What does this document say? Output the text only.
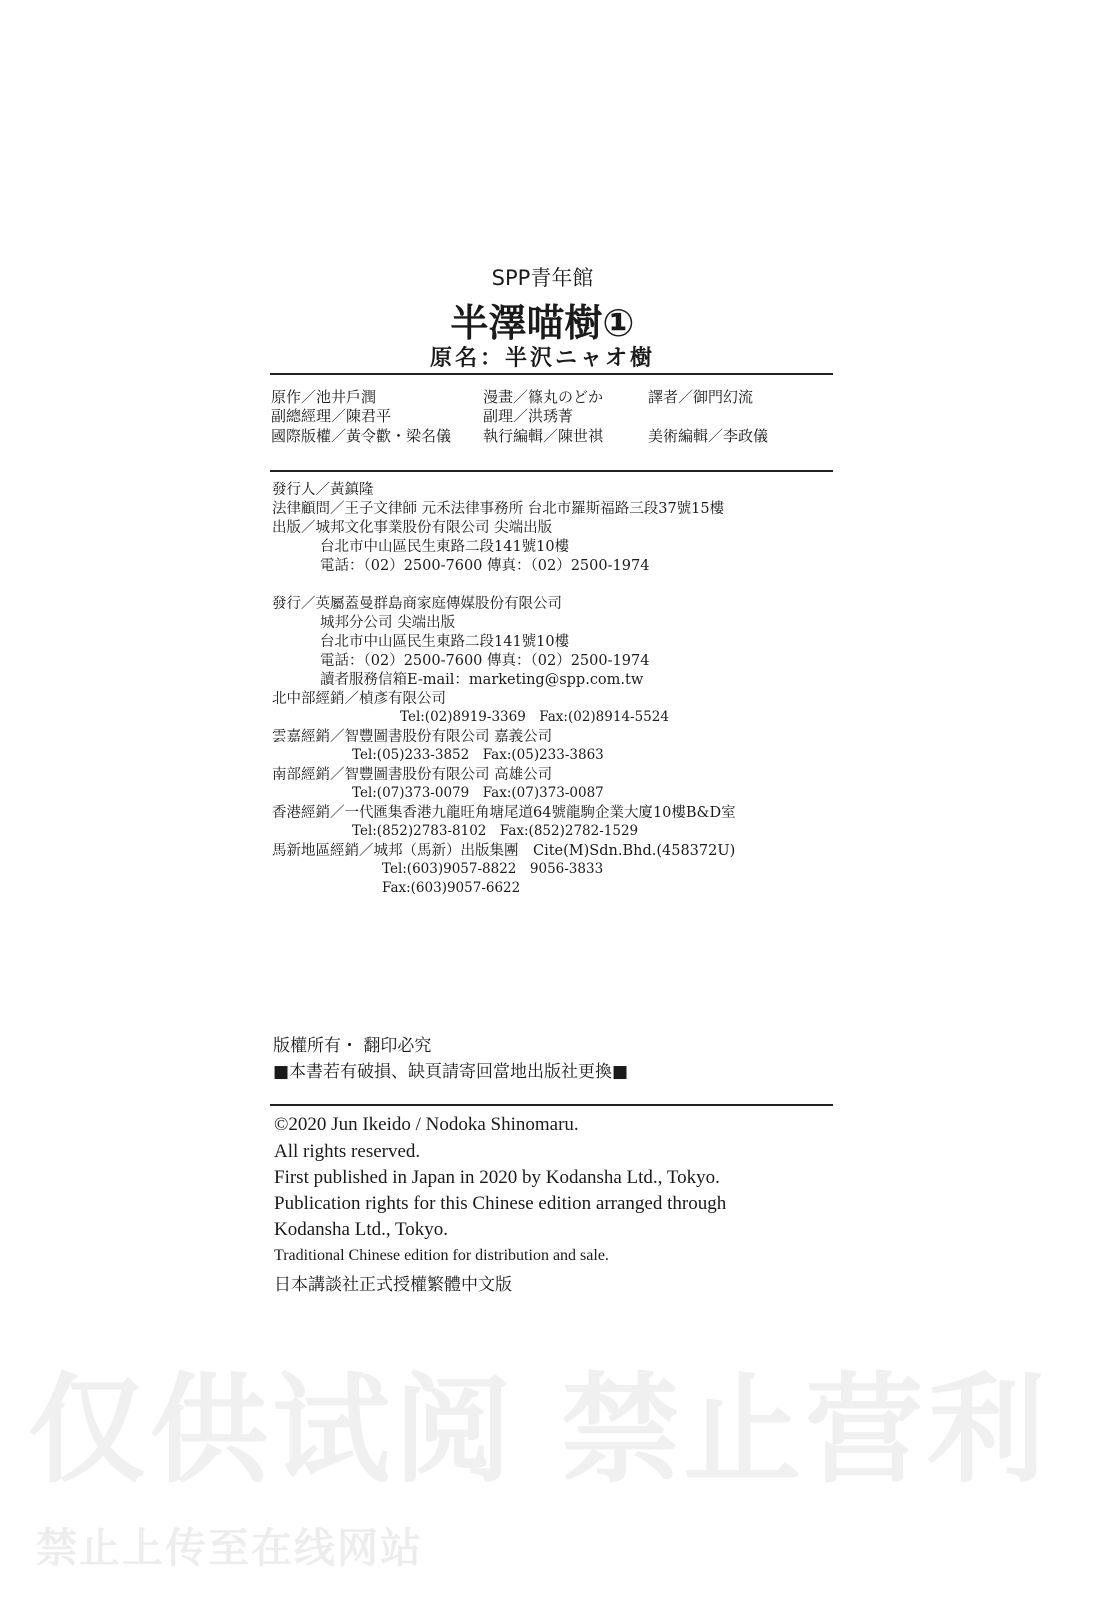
SPP青年館
半澤喵樹①
原名：半沢ニャオ樹
原作／池井戶潤	漫畫／篠丸のどか	譯者／御門幻流
副總經理／陳君平	副理／洪琇菁
國際版權／黃令歡・梁名儀 執行編輯／陳世祺	美術編輯／李政儀
發行人／黃鎮隆
法律顧問／王子文律師 元禾法律事務所 台北市羅斯福路三段37號15樓
出版／城邦文化事業股份有限公司 尖端出版
台北市中山區民生東路二段141號10樓
電話：（02）2500-7600 傳真：（02）2500-1974
發行／英屬蓋曼群島商家庭傳媒股份有限公司
城邦分公司 尖端出版
台北市中山區民生東路二段141號10樓
電話：（02）2500-7600 傳真：（02）2500-1974
讀者服務信箱E-mail：marketing@spp.com.tw
北中部經銷／楨彥有限公司
Tel:(02)8919-3369　Fax:(02)8914-5524
雲嘉經銷／智豐圖書股份有限公司 嘉義公司
Tel:(05)233-3852　Fax:(05)233-3863
南部經銷／智豐圖書股份有限公司 高雄公司
Tel:(07)373-0079　Fax:(07)373-0087
香港經銷／一代匯集香港九龍旺角塘尾道64號龍駒企業大廈10樓B&D室
Tel:(852)2783-8102　Fax:(852)2782-1529
馬新地區經銷／城邦（馬新）出版集團　Cite(M)Sdn.Bhd.(458372U)
Tel:(603)9057-8822　9056-3833
Fax:(603)9057-6622
版權所有・ 翻印必究
■本書若有破損、缺頁請寄回當地出版社更換■
©2020 Jun Ikeido / Nodoka Shinomaru.
All rights reserved.
First published in Japan in 2020 by Kodansha Ltd., Tokyo.
Publication rights for this Chinese edition arranged through
Kodansha Ltd., Tokyo.
Traditional Chinese edition for distribution and sale.
日本講談社正式授權繁體中文版
仅供试阅 禁止营利
禁止上传至在线网站
